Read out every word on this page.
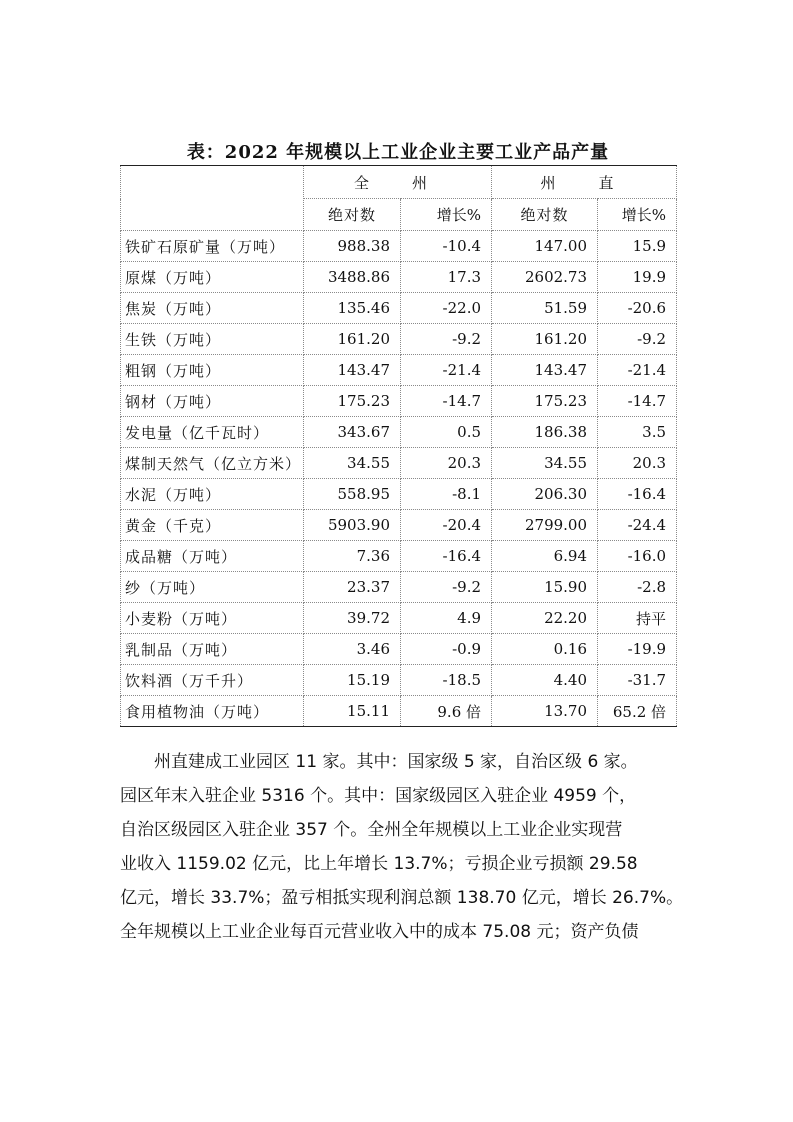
表：2022 年规模以上工业企业主要工业产品产量
	全　州		州　直	
	绝对数	增长%	绝对数	增长%
铁矿石原矿量（万吨）	988.38	-10.4	147.00	15.9
原煤（万吨）	3488.86	17.3	2602.73	19.9
焦炭（万吨）	135.46	-22.0	51.59	-20.6
生铁（万吨）	161.20	-9.2	161.20	-9.2
粗钢（万吨）	143.47	-21.4	143.47	-21.4
钢材（万吨）	175.23	-14.7	175.23	-14.7
发电量（亿千瓦时）	343.67	0.5	186.38	3.5
煤制天然气（亿立方米）	34.55	20.3	34.55	20.3
水泥（万吨）	558.95	-8.1	206.30	-16.4
黄金（千克）	5903.90	-20.4	2799.00	-24.4
成品糖（万吨）	7.36	-16.4	6.94	-16.0
纱（万吨）	23.37	-9.2	15.90	-2.8
小麦粉（万吨）	39.72	4.9	22.20	持平
乳制品（万吨）	3.46	-0.9	0.16	-19.9
饮料酒（万千升）	15.19	-18.5	4.40	-31.7
食用植物油（万吨）	15.11	9.6 倍	13.70	65.2 倍

州直建成工业园区 11 家。其中：国家级 5 家，自治区级 6 家。

园区年末入驻企业 5316 个。其中：国家级园区入驻企业 4959 个，

自治区级园区入驻企业 357 个。全州全年规模以上工业企业实现营

业收入 1159.02 亿元，比上年增长 13.7%；亏损企业亏损额 29.58

亿元，增长 33.7%；盈亏相抵实现利润总额 138.70 亿元，增长 26.7%。

全年规模以上工业企业每百元营业收入中的成本 75.08 元；资产负债
